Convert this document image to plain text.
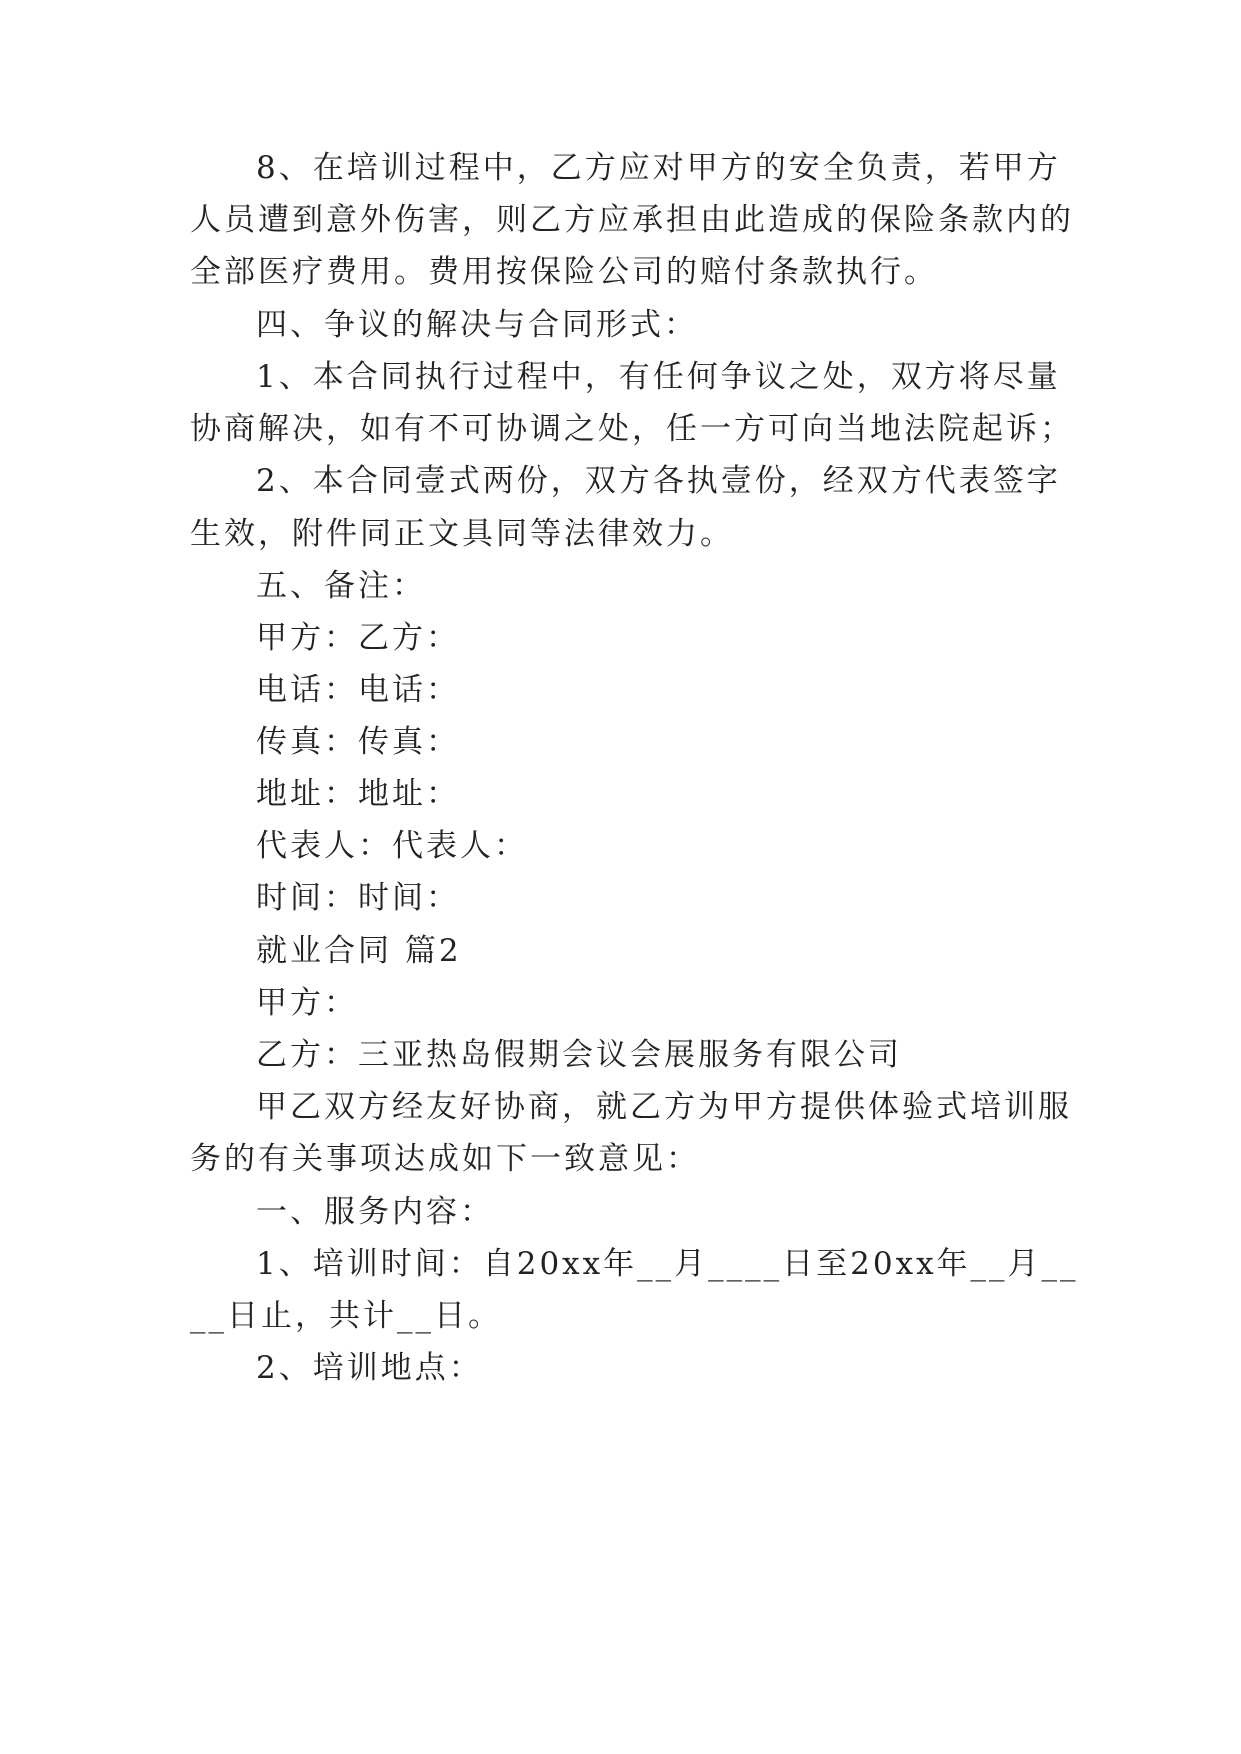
8、在培训过程中，乙方应对甲方的安全负责，若甲方
人员遭到意外伤害，则乙方应承担由此造成的保险条款内的
全部医疗费用。费用按保险公司的赔付条款执行。
四、争议的解决与合同形式：
1、本合同执行过程中，有任何争议之处，双方将尽量
协商解决，如有不可协调之处，任一方可向当地法院起诉；
2、本合同壹式两份，双方各执壹份，经双方代表签字
生效，附件同正文具同等法律效力。
五、备注：
甲方：乙方：
电话：电话：
传真：传真：
地址：地址：
代表人：代表人：
时间：时间：
就业合同 篇2
甲方：
乙方：三亚热岛假期会议会展服务有限公司
甲乙双方经友好协商，就乙方为甲方提供体验式培训服
务的有关事项达成如下一致意见：
一、服务内容：
1、培训时间：自20xx年__月____日至20xx年__月__
__日止，共计__日。
2、培训地点：
